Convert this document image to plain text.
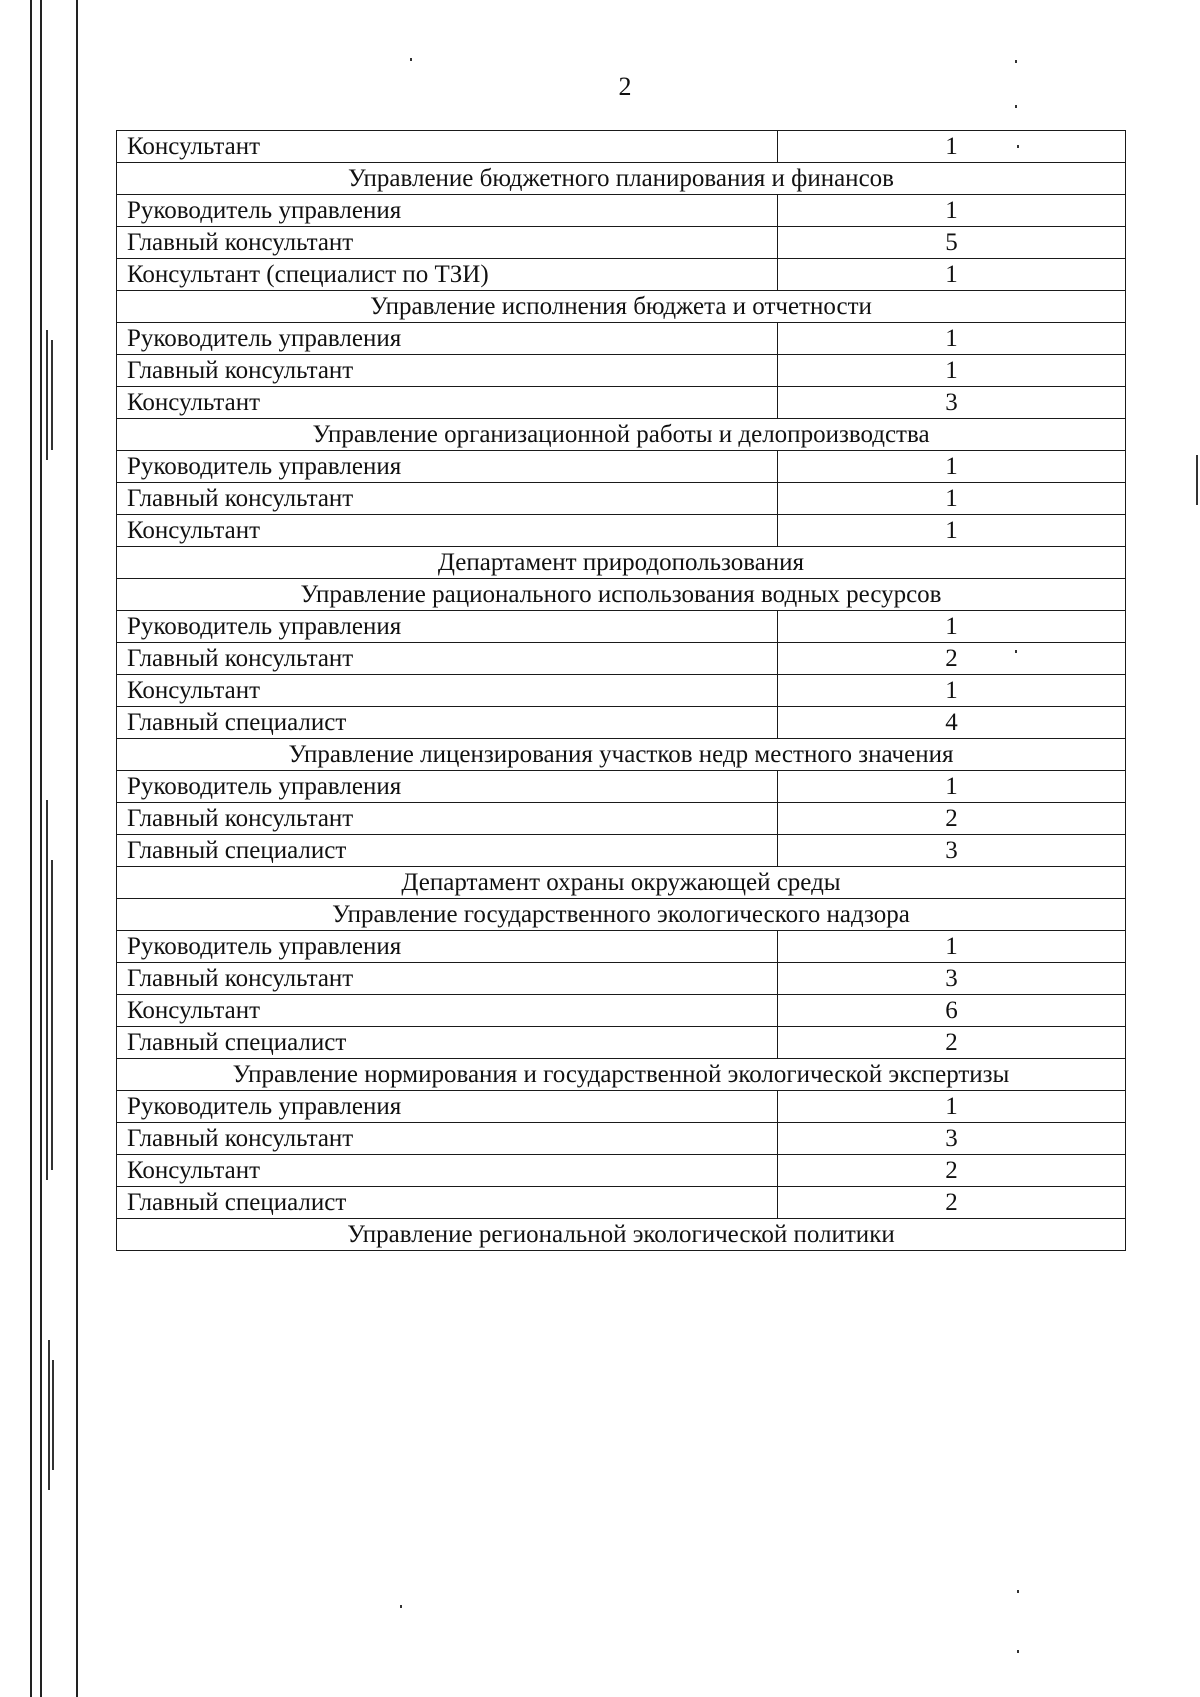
2
Консультант	1
Управление бюджетного планирования и финансов	
Руководитель управления	1
Главный консультант	5
Консультант (специалист по ТЗИ)	1
Управление исполнения бюджета и отчетности	
Руководитель управления	1
Главный консультант	1
Консультант	3
Управление организационной работы и делопроизводства	
Руководитель управления	1
Главный консультант	1
Консультант	1
Департамент природопользования	
Управление рационального использования водных ресурсов	
Руководитель управления	1
Главный консультант	2
Консультант	1
Главный специалист	4
Управление лицензирования участков недр местного значения	
Руководитель управления	1
Главный консультант	2
Главный специалист	3
Департамент охраны окружающей среды	
Управление государственного экологического надзора	
Руководитель управления	1
Главный консультант	3
Консультант	6
Главный специалист	2
Управление нормирования и государственной экологической экспертизы	
Руководитель управления	1
Главный консультант	3
Консультант	2
Главный специалист	2
Управление региональной экологической политики	
